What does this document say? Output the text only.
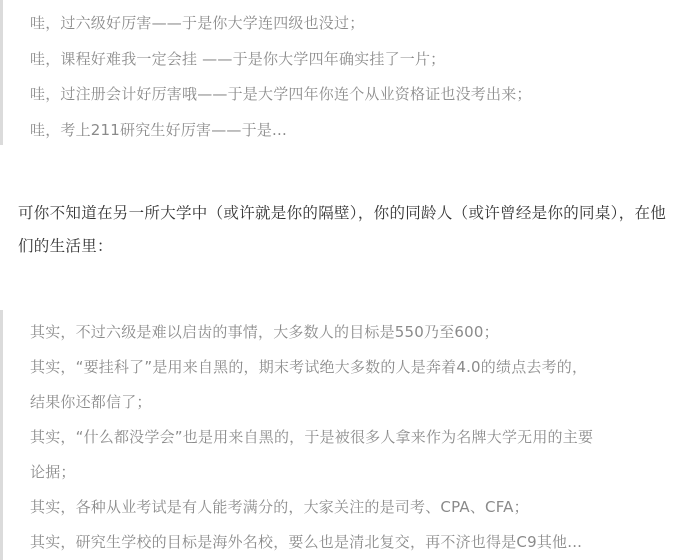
哇，过六级好厉害——于是你大学连四级也没过；
哇，课程好难我一定会挂 ——于是你大学四年确实挂了一片；
哇，过注册会计好厉害哦——于是大学四年你连个从业资格证也没考出来；
哇，考上211研究生好厉害——于是...
可你不知道在另一所大学中（或许就是你的隔壁），你的同龄人（或许曾经是你的同桌），在他们的生活里：
其实，不过六级是难以启齿的事情，大多数人的目标是550乃至600；
其实，“要挂科了”是用来自黑的，期末考试绝大多数的人是奔着4.0的绩点去考的，
结果你还都信了；
其实，“什么都没学会”也是用来自黑的，于是被很多人拿来作为名牌大学无用的主要
论据；
其实，各种从业考试是有人能考满分的，大家关注的是司考、CPA、CFA；
其实，研究生学校的目标是海外名校，要么也是清北复交，再不济也得是C9其他...
